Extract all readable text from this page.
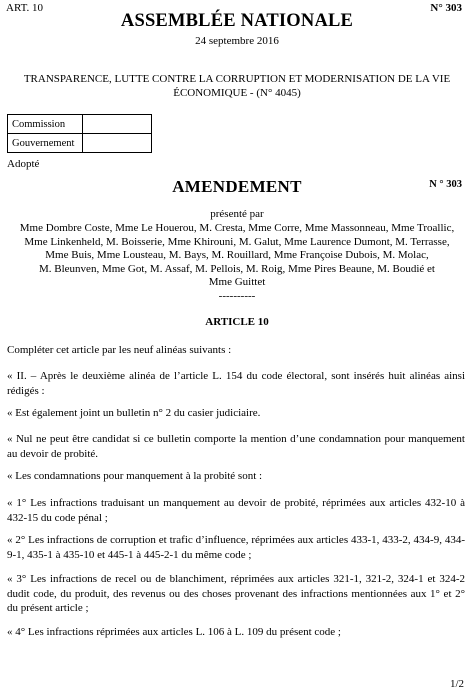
ART. 10	N° 303
ASSEMBLÉE NATIONALE
24 septembre 2016
TRANSPARENCE, LUTTE CONTRE LA CORRUPTION ET MODERNISATION DE LA VIE
ÉCONOMIQUE - (N° 4045)
Commission	
Gouvernement	
Adopté
AMENDEMENT	N ° 303
présenté par
Mme Dombre Coste, Mme Le Houerou, M. Cresta, Mme Corre, Mme Massonneau, Mme Troallic,
Mme Linkenheld, M. Boisserie, Mme Khirouni, M. Galut, Mme Laurence Dumont, M. Terrasse,
Mme Buis, Mme Lousteau, M. Bays, M. Rouillard, Mme Françoise Dubois, M. Molac,
M. Bleunven, Mme Got, M. Assaf, M. Pellois, M. Roig, Mme Pires Beaune, M. Boudié et
Mme Guittet
----------
ARTICLE 10
Compléter cet article par les neuf alinéas suivants :
« II. – Après le deuxième alinéa de l’article L. 154 du code électoral, sont insérés huit alinéas ainsi rédigés :
« Est également joint un bulletin n° 2 du casier judiciaire.
« Nul ne peut être candidat si ce bulletin comporte la mention d’une condamnation pour manquement au devoir de probité.
« Les condamnations pour manquement à la probité sont :
« 1° Les infractions traduisant un manquement au devoir de probité, réprimées aux articles 432-10 à 432-15 du code pénal ;
« 2° Les infractions de corruption et trafic d’influence, réprimées aux articles 433-1, 433-2, 434-9, 434-9-1, 435-1 à 435-10 et 445-1 à 445-2-1 du même code ;
« 3° Les infractions de recel ou de blanchiment, réprimées aux articles 321-1, 321-2, 324-1 et 324-2 dudit code, du produit, des revenus ou des choses provenant des infractions mentionnées aux 1° et 2° du présent article ;
« 4° Les infractions réprimées aux articles L. 106 à L. 109 du présent code ;
1/2
